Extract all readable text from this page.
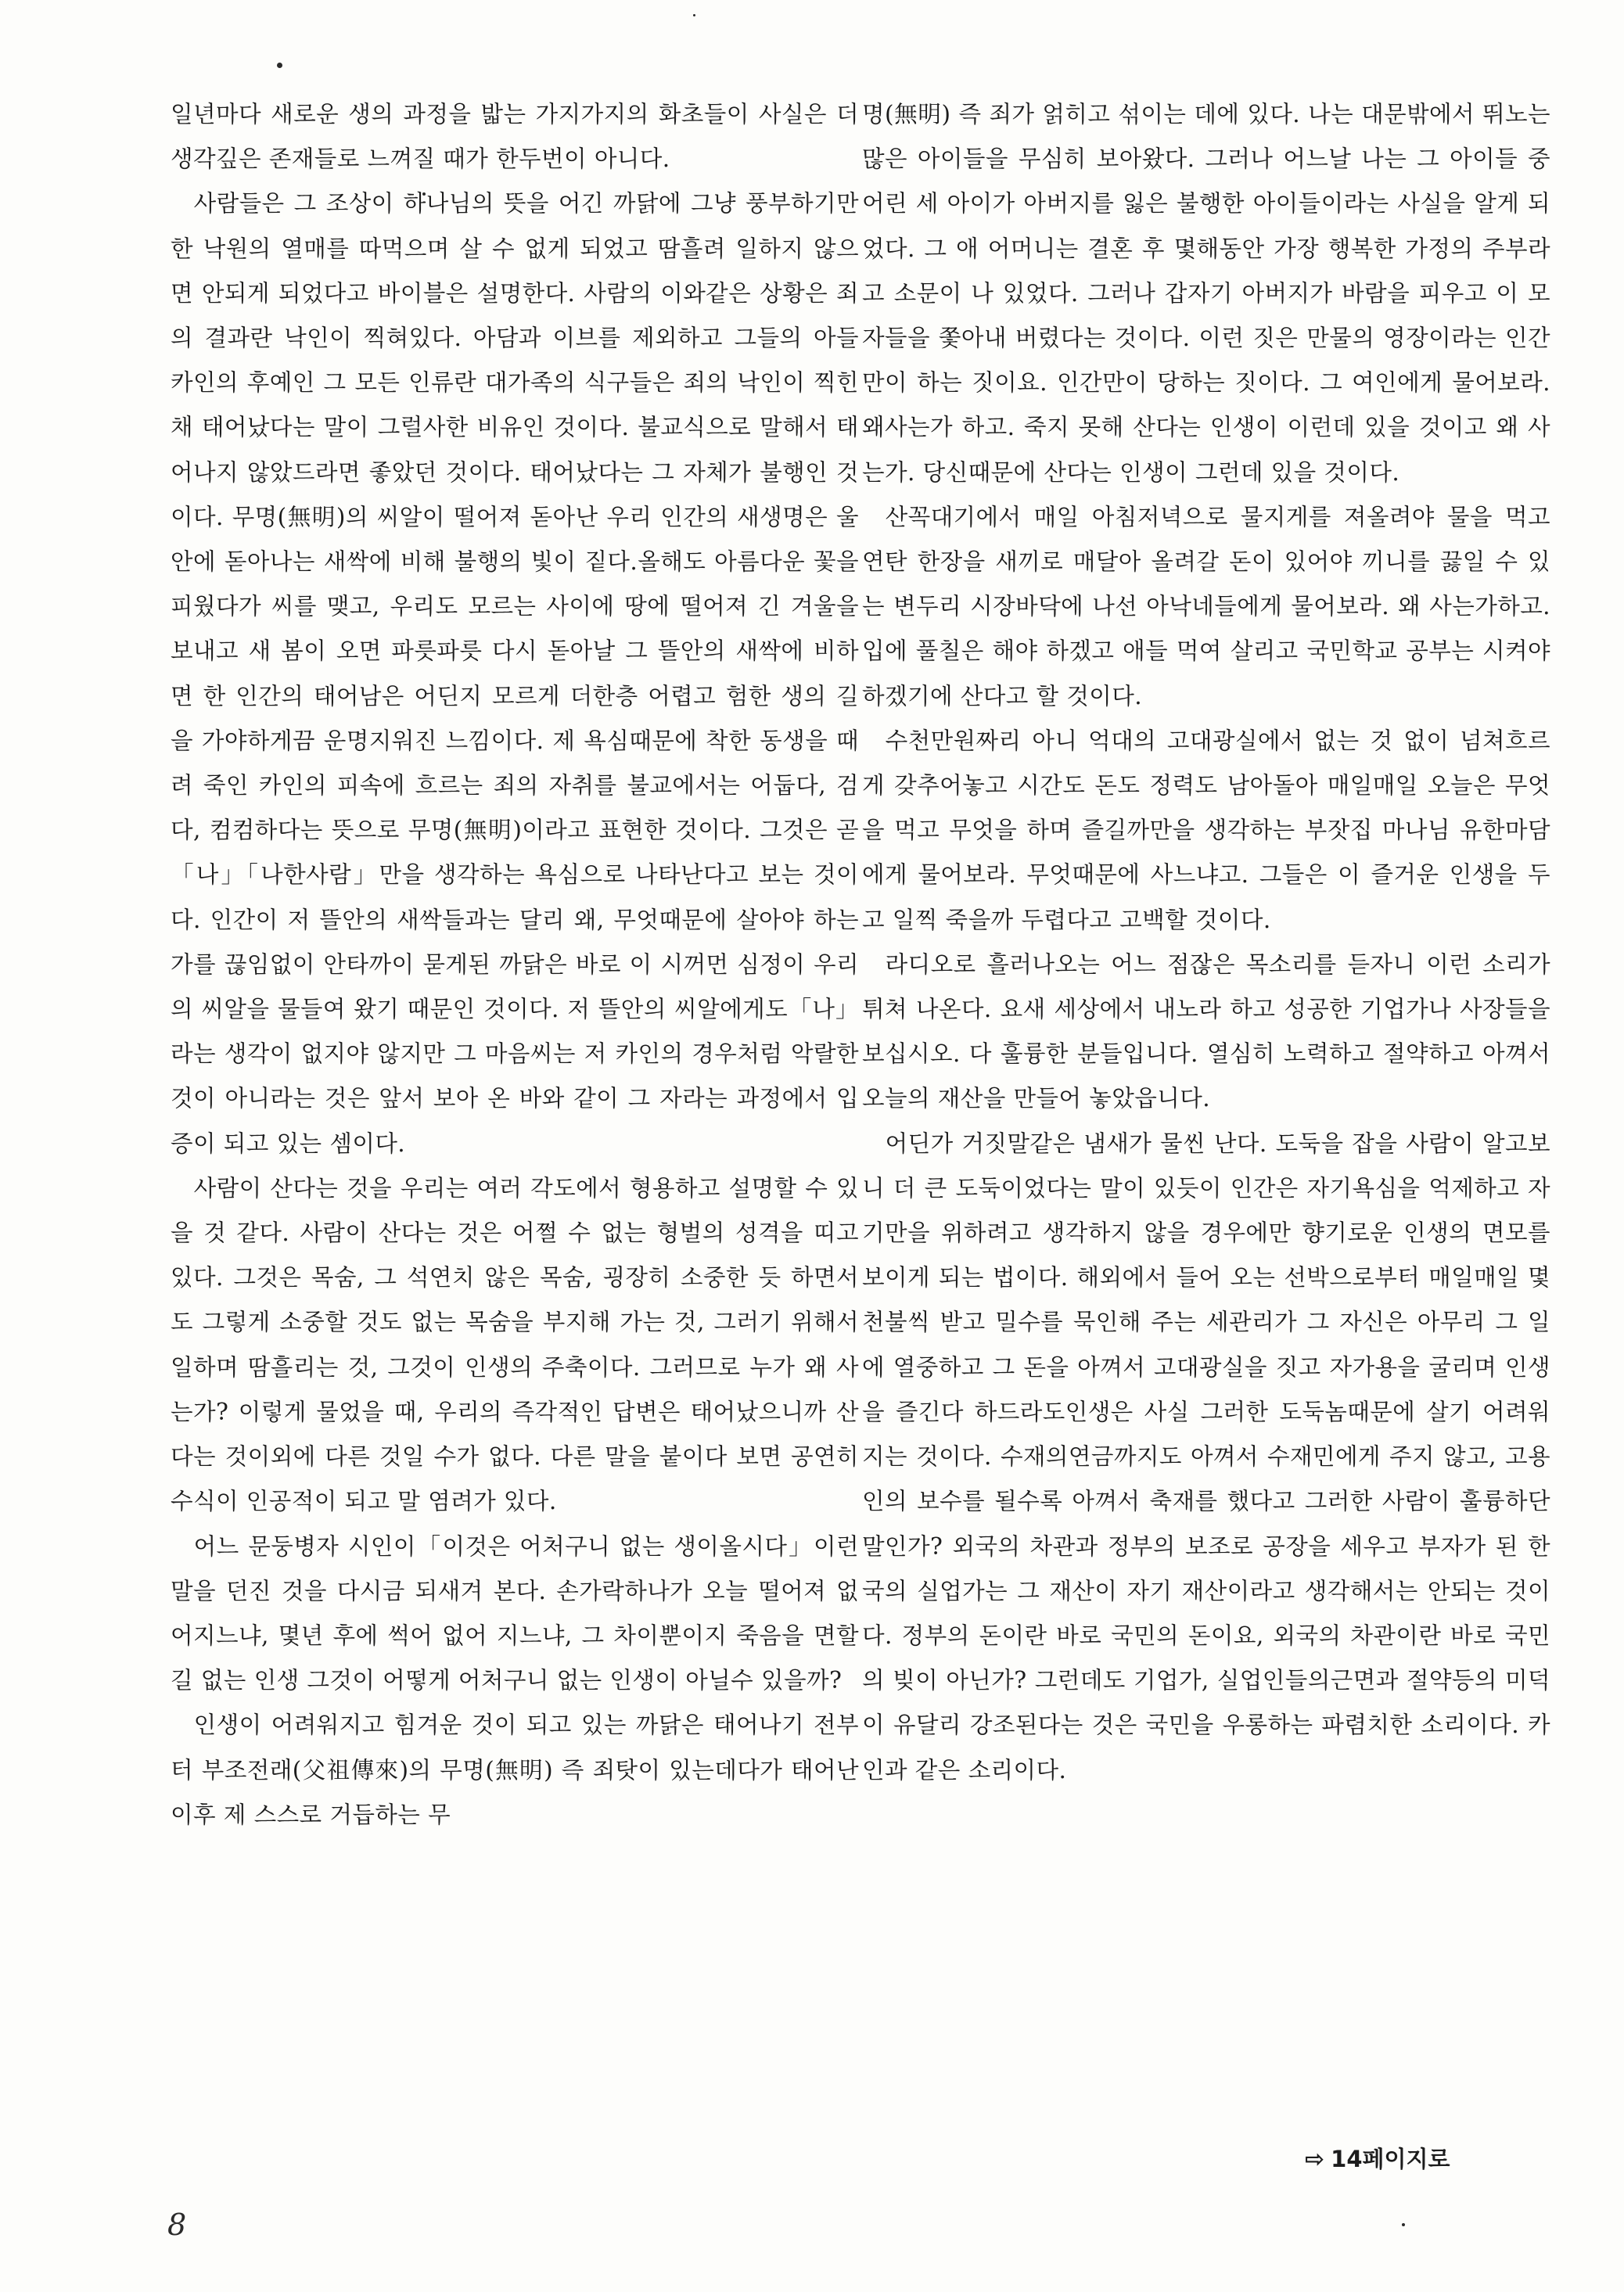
일년마다 새로운 생의 과정을 밟는 가지가지의 화초들이 사실은 더 생각깊은 존재들로 느껴질 때가 한두번이 아니다.

사람들은 그 조상이 하나님의 뜻을 어긴 까닭에 그냥 풍부하기만 한 낙원의 열매를 따먹으며 살 수 없게 되었고 땀흘려 일하지 않으면 안되게 되었다고 바이블은 설명한다. 사람의 이와같은 상황은 죄의 결과란 낙인이 찍혀있다. 아담과 이브를 제외하고 그들의 아들 카인의 후예인 그 모든 인류란 대가족의 식구들은 죄의 낙인이 찍힌 채 태어났다는 말이 그럴사한 비유인 것이다. 불교식으로 말해서 태어나지 않았드라면 좋았던 것이다. 태어났다는 그 자체가 불행인 것이다. 무명(無明)의 씨알이 떨어져 돋아난 우리 인간의 새생명은 울안에 돋아나는 새싹에 비해 불행의 빛이 짙다.올해도 아름다운 꽃을 피웠다가 씨를 맺고, 우리도 모르는 사이에 땅에 떨어져 긴 겨울을 보내고 새 봄이 오면 파릇파릇 다시 돋아날 그 뜰안의 새싹에 비하면 한 인간의 태어남은 어딘지 모르게 더한층 어렵고 험한 생의 길을 가야하게끔 운명지워진 느낌이다. 제 욕심때문에 착한 동생을 때려 죽인 카인의 피속에 흐르는 죄의 자취를 불교에서는 어둡다, 검다, 컴컴하다는 뜻으로 무명(無明)이라고 표현한 것이다. 그것은 곧「나」「나한사람」만을 생각하는 욕심으로 나타난다고 보는 것이다. 인간이 저 뜰안의 새싹들과는 달리 왜, 무엇때문에 살아야 하는가를 끊임없이 안타까이 묻게된 까닭은 바로 이 시꺼먼 심정이 우리의 씨알을 물들여 왔기 때문인 것이다. 저 뜰안의 씨알에게도「나」라는 생각이 없지야 않지만 그 마음씨는 저 카인의 경우처럼 악랄한 것이 아니라는 것은 앞서 보아 온 바와 같이 그 자라는 과정에서 입증이 되고 있는 셈이다.

사람이 산다는 것을 우리는 여러 각도에서 형용하고 설명할 수 있을 것 같다. 사람이 산다는 것은 어쩔 수 없는 형벌의 성격을 띠고 있다. 그것은 목숨, 그 석연치 않은 목숨, 굉장히 소중한 듯 하면서도 그렇게 소중할 것도 없는 목숨을 부지해 가는 것, 그러기 위해서 일하며 땀흘리는 것, 그것이 인생의 주축이다. 그러므로 누가 왜 사는가? 이렇게 물었을 때, 우리의 즉각적인 답변은 태어났으니까 산다는 것이외에 다른 것일 수가 없다. 다른 말을 붙이다 보면 공연히 수식이 인공적이 되고 말 염려가 있다.

어느 문둥병자 시인이「이것은 어처구니 없는 생이올시다」이런 말을 던진 것을 다시금 되새겨 본다. 손가락하나가 오늘 떨어져 없어지느냐, 몇년 후에 썩어 없어 지느냐, 그 차이뿐이지 죽음을 면할 길 없는 인생 그것이 어떻게 어처구니 없는 인생이 아닐수 있을까?

인생이 어려워지고 힘겨운 것이 되고 있는 까닭은 태어나기 전부터 부조전래(父祖傳來)의 무명(無明) 즉 죄탓이 있는데다가 태어난 이후 제 스스로 거듭하는 무

명(無明) 즉 죄가 얽히고 섞이는 데에 있다. 나는 대문밖에서 뛰노는 많은 아이들을 무심히 보아왔다. 그러나 어느날 나는 그 아이들 중 어린 세 아이가 아버지를 잃은 불행한 아이들이라는 사실을 알게 되었다. 그 애 어머니는 결혼 후 몇해동안 가장 행복한 가정의 주부라고 소문이 나 있었다. 그러나 갑자기 아버지가 바람을 피우고 이 모자들을 쫓아내 버렸다는 것이다. 이런 짓은 만물의 영장이라는 인간만이 하는 짓이요. 인간만이 당하는 짓이다. 그 여인에게 물어보라. 왜사는가 하고. 죽지 못해 산다는 인생이 이런데 있을 것이고 왜 사는가. 당신때문에 산다는 인생이 그런데 있을 것이다.

산꼭대기에서 매일 아침저녁으로 물지게를 져올려야 물을 먹고 연탄 한장을 새끼로 매달아 올려갈 돈이 있어야 끼니를 끓일 수 있는 변두리 시장바닥에 나선 아낙네들에게 물어보라. 왜 사는가하고. 입에 풀칠은 해야 하겠고 애들 먹여 살리고 국민학교 공부는 시켜야 하겠기에 산다고 할 것이다.

수천만원짜리 아니 억대의 고대광실에서 없는 것 없이 넘쳐흐르게 갖추어놓고 시간도 돈도 정력도 남아돌아 매일매일 오늘은 무엇을 먹고 무엇을 하며 즐길까만을 생각하는 부잣집 마나님 유한마담에게 물어보라. 무엇때문에 사느냐고. 그들은 이 즐거운 인생을 두고 일찍 죽을까 두렵다고 고백할 것이다.

라디오로 흘러나오는 어느 점잖은 목소리를 듣자니 이런 소리가 튀쳐 나온다. 요새 세상에서 내노라 하고 성공한 기업가나 사장들을 보십시오. 다 훌륭한 분들입니다. 열심히 노력하고 절약하고 아껴서 오늘의 재산을 만들어 놓았읍니다.

어딘가 거짓말같은 냄새가 물씬 난다. 도둑을 잡을 사람이 알고보니 더 큰 도둑이었다는 말이 있듯이 인간은 자기욕심을 억제하고 자기만을 위하려고 생각하지 않을 경우에만 향기로운 인생의 면모를 보이게 되는 법이다. 해외에서 들어 오는 선박으로부터 매일매일 몇천불씩 받고 밀수를 묵인해 주는 세관리가 그 자신은 아무리 그 일에 열중하고 그 돈을 아껴서 고대광실을 짓고 자가용을 굴리며 인생을 즐긴다 하드라도인생은 사실 그러한 도둑놈때문에 살기 어려워지는 것이다. 수재의연금까지도 아껴서 수재민에게 주지 않고, 고용인의 보수를 될수록 아껴서 축재를 했다고 그러한 사람이 훌륭하단 말인가? 외국의 차관과 정부의 보조로 공장을 세우고 부자가 된 한국의 실업가는 그 재산이 자기 재산이라고 생각해서는 안되는 것이다. 정부의 돈이란 바로 국민의 돈이요, 외국의 차관이란 바로 국민의 빚이 아닌가? 그런데도 기업가, 실업인들의근면과 절약등의 미덕이 유달리 강조된다는 것은 국민을 우롱하는 파렴치한 소리이다. 카인과 같은 소리이다.

⇨ 14페이지로
8
